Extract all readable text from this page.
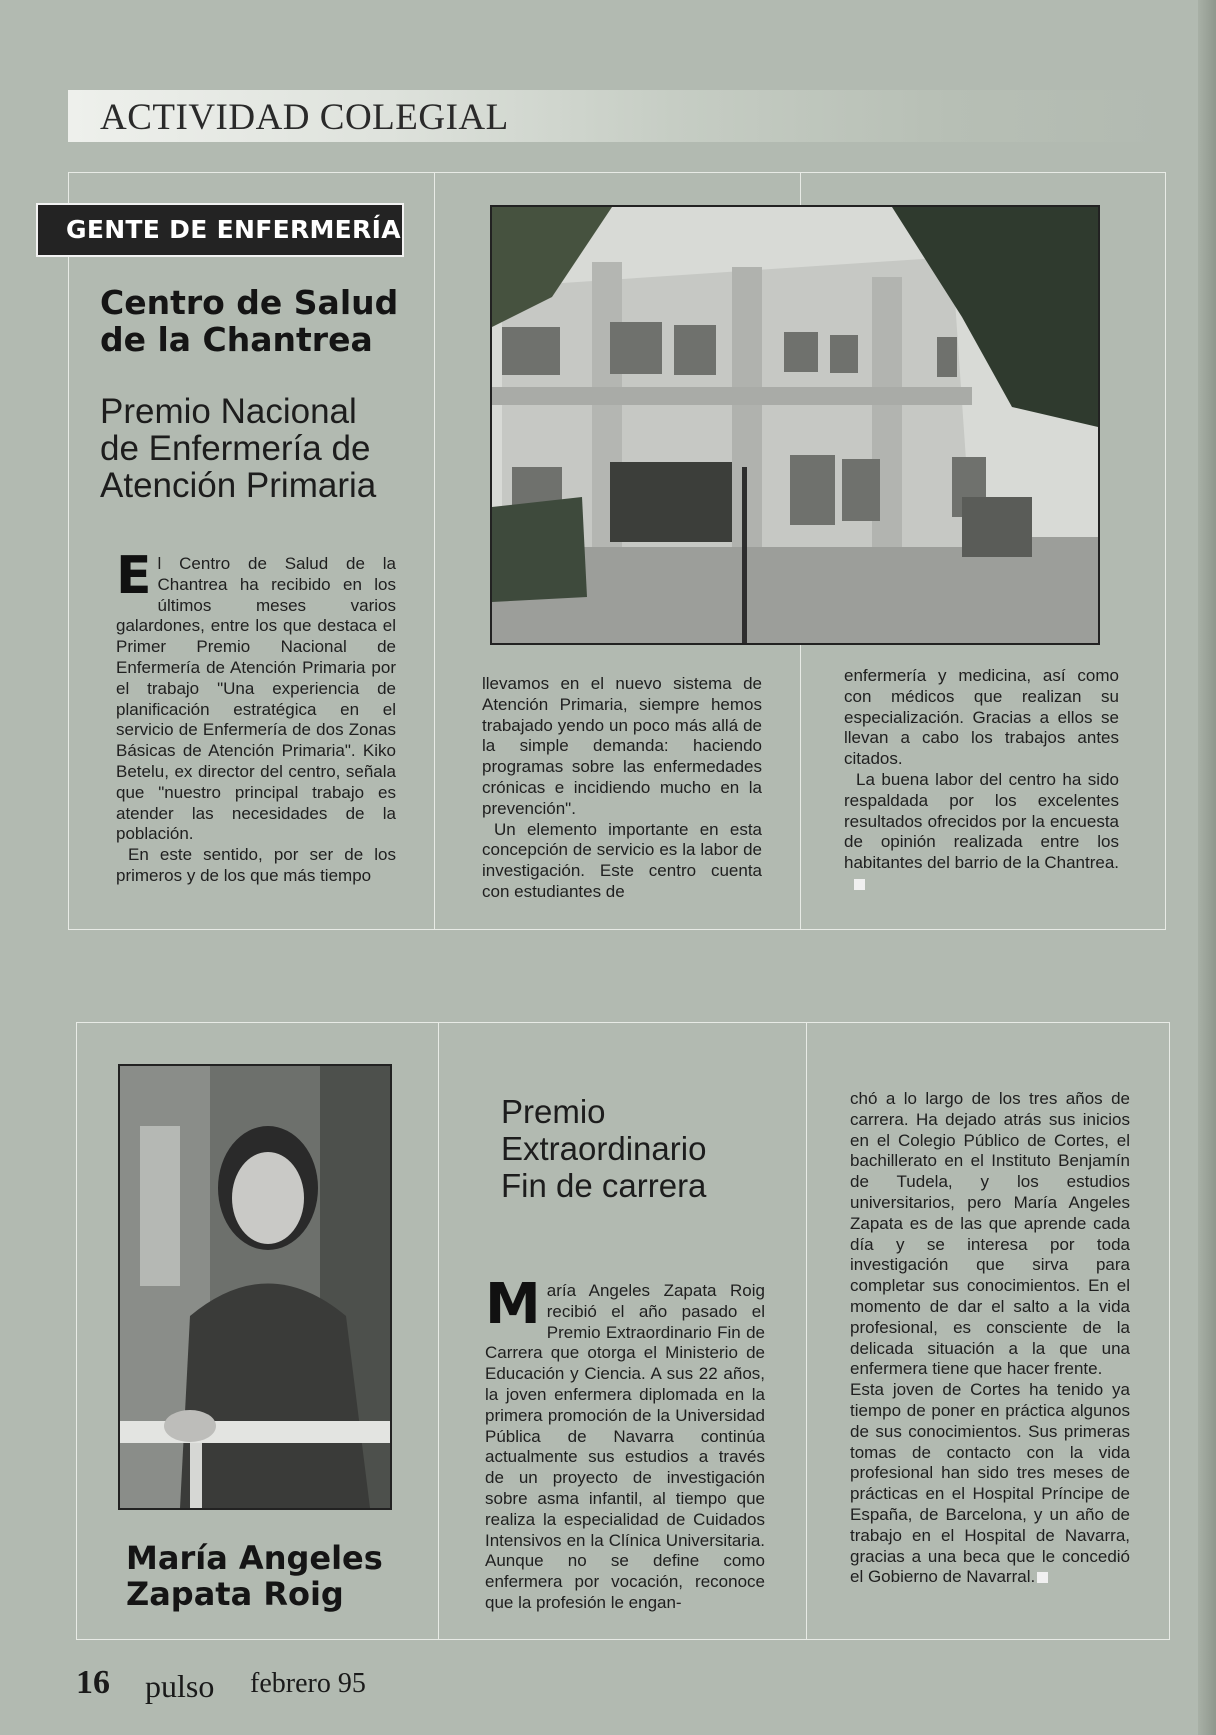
ACTIVIDAD COLEGIAL
GENTE DE ENFERMERÍA
Centro de Salud
de la Chantrea
Premio Nacional
de Enfermería de
Atención Primaria

El Centro de Salud de la Chantrea ha recibido en los últimos meses varios galardones, entre los que destaca el Primer Premio Nacional de Enfermería de Atención Primaria por el trabajo "Una experiencia de planificación estratégica en el servicio de Enfermería de dos Zonas Básicas de Atención Primaria". Kiko Betelu, ex director del centro, señala que "nuestro principal trabajo es atender las necesidades de la población.

En este sentido, por ser de los primeros y de los que más tiempo

llevamos en el nuevo sistema de Atención Primaria, siempre hemos trabajado yendo un poco más allá de la simple demanda: haciendo programas sobre las enfermedades crónicas e incidiendo mucho en la prevención".

Un elemento importante en esta concepción de servicio es la labor de investigación. Este centro cuenta con estudiantes de

enfermería y medicina, así como con médicos que realizan su especialización. Gracias a ellos se llevan a cabo los trabajos antes citados.

La buena labor del centro ha sido respaldada por los excelentes resultados ofrecidos por la encuesta de opinión realizada entre los habitantes del barrio de la Chantrea.

María Angeles
Zapata Roig
Premio
Extraordinario
Fin de carrera

María Angeles Zapata Roig recibió el año pasado el Premio Extraordinario Fin de Carrera que otorga el Ministerio de Educación y Ciencia. A sus 22 años, la joven enfermera diplomada en la primera promoción de la Universidad Pública de Navarra continúa actualmente sus estudios a través de un proyecto de investigación sobre asma infantil, al tiempo que realiza la especialidad de Cuidados Intensivos en la Clínica Universitaria. Aunque no se define como enfermera por vocación, reconoce que la profesión le engan-

chó a lo largo de los tres años de carrera. Ha dejado atrás sus inicios en el Colegio Público de Cortes, el bachillerato en el Instituto Benjamín de Tudela, y los estudios universitarios, pero María Angeles Zapata es de las que aprende cada día y se interesa por toda investigación que sirva para completar sus conocimientos. En el momento de dar el salto a la vida profesional, es consciente de la delicada situación a la que una enfermera tiene que hacer frente.

Esta joven de Cortes ha tenido ya tiempo de poner en práctica algunos de sus conocimientos. Sus primeras tomas de contacto con la vida profesional han sido tres meses de prácticas en el Hospital Príncipe de España, de Barcelona, y un año de trabajo en el Hospital de Navarra, gracias a una beca que le concedió el Gobierno de Navarral.

16 pulso febrero 95
